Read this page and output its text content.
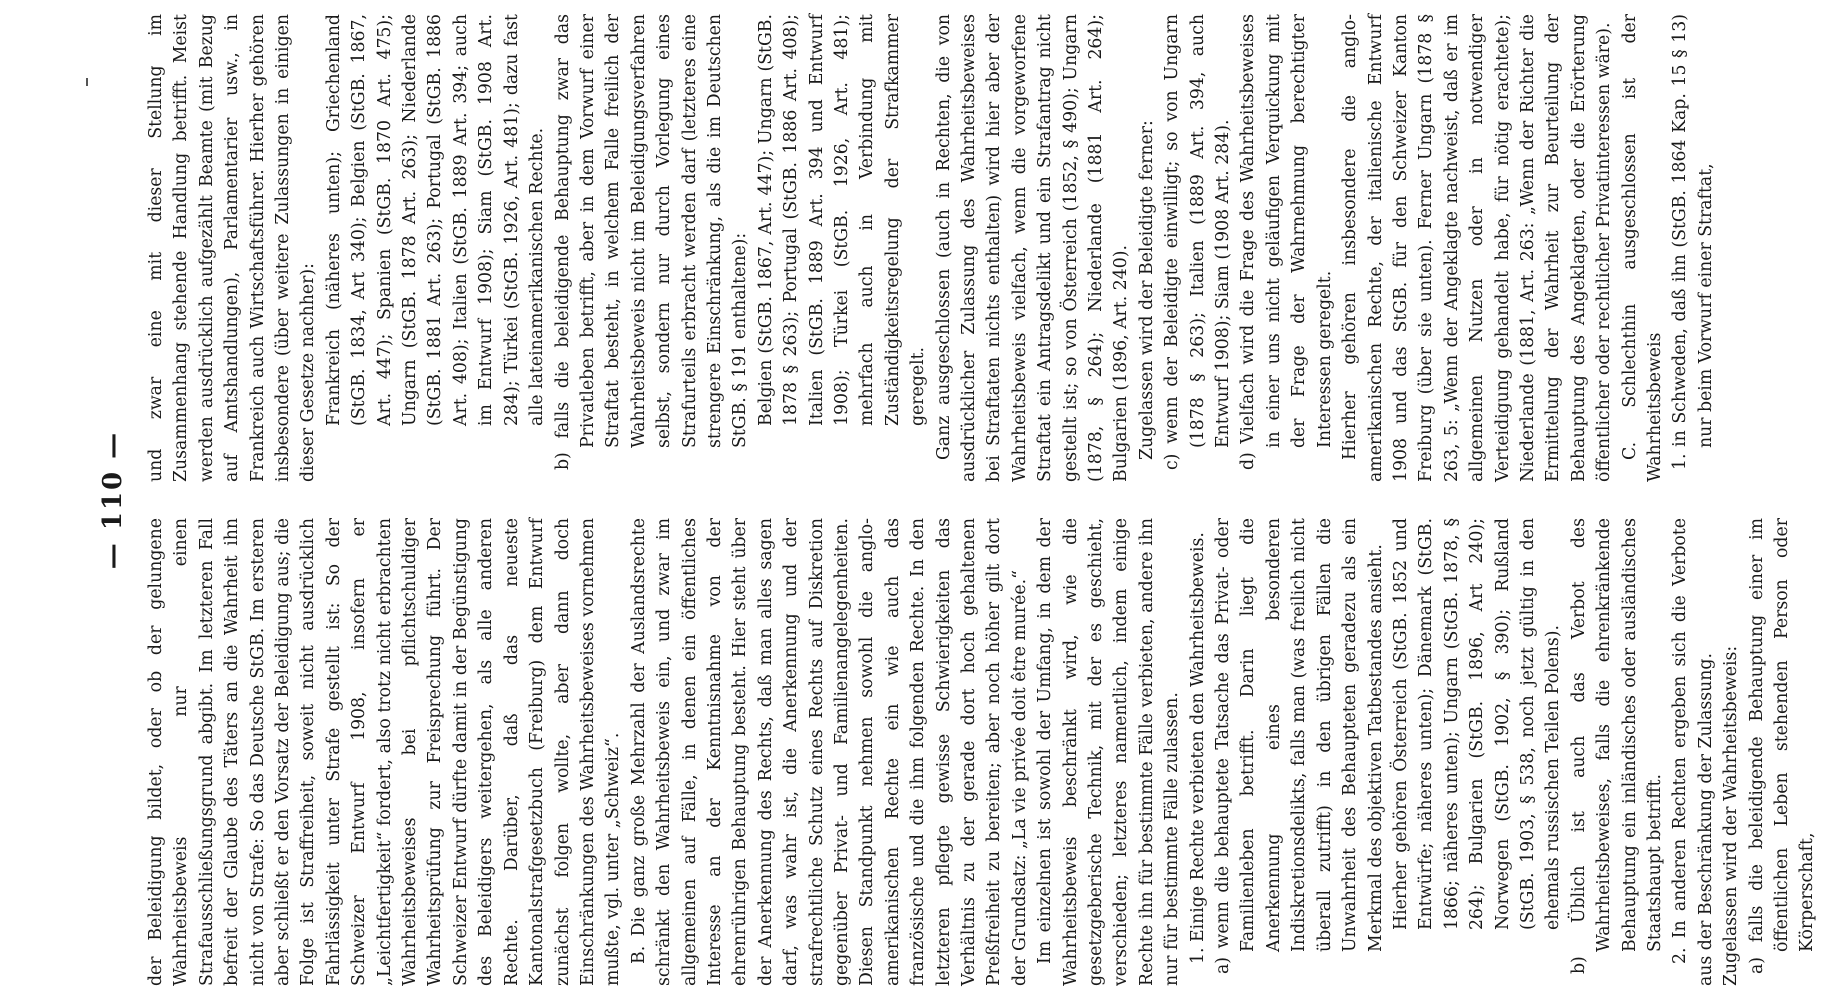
— 110 —

der Beleidigung bildet, oder ob der gelungene Wahrheitsbeweis nur einen Strafausschließungsgrund abgibt. Im letzteren Fall befreit der Glaube des Täters an die Wahrheit ihn nicht von Strafe: So das Deutsche StGB. Im ersteren aber schließt er den Vorsatz der Beleidigung aus; die Folge ist Straffreiheit, soweit nicht ausdrücklich Fahrlässigkeit unter Strafe gestellt ist: So der Schweizer Entwurf 1908, insofern er „Leichtfertigkeit“ fordert, also trotz nicht erbrachten Wahrheitsbeweises bei pflichtschuldiger Wahrheitsprüfung zur Freisprechung führt. Der Schweizer Entwurf dürfte damit in der Begünstigung des Beleidigers weitergehen, als alle anderen Rechte. Darüber, daß das neueste Kantonalstrafgesetzbuch (Freiburg) dem Entwurf zunächst folgen wollte, aber dann doch Einschränkungen des Wahrheitsbeweises vornehmen mußte, vgl. unter „Schweiz“. B. Die ganz große Mehrzahl der Auslandsrechte schränkt den Wahrheitsbeweis ein, und zwar im allgemeinen auf Fälle, in denen ein öffentliches Interesse an der Kenntnisnahme von der ehrenrührigen Behauptung besteht. Hier steht über der Anerkennung des Rechts, daß man alles sagen darf, was wahr ist, die Anerkennung und der strafrechtliche Schutz eines Rechts auf Diskretion gegenüber Privat- und Familienangelegenheiten. Diesen Standpunkt nehmen sowohl die anglo-amerikanischen Rechte ein wie auch das französische und die ihm folgenden Rechte. In den letzteren pflegte gewisse Schwierigkeiten das Verhältnis zu der gerade dort hoch gehaltenen Preßfreiheit zu bereiten; aber noch höher gilt dort der Grundsatz: „La vie privée doit être murée.“ Im einzelnen ist sowohl der Umfang, in dem der Wahrheitsbeweis beschränkt wird, wie die gesetzgeberische Technik, mit der es geschieht, verschieden; letzteres namentlich, indem einige Rechte ihn für bestimmte Fälle verbieten, andere ihn nur für bestimmte Fälle zulassen. 1. Einige Rechte verbieten den Wahrheitsbeweis. a) wenn die behauptete Tatsache das Privat- oder Familienleben betrifft. Darin liegt die Anerkennung eines besonderen Indiskretionsdelikts, falls man (was freilich nicht überall zutrifft) in den übrigen Fällen die Unwahrheit des Behaupteten geradezu als ein Merkmal des objektiven Tatbestandes ansieht. Hierher gehören Österreich (StGB. 1852 und Entwürfe; näheres unten); Dänemark (StGB. 1866; näheres unten); Ungarn (StGB. 1878, § 264); Bulgarien (StGB. 1896, Art 240); Norwegen (StGB. 1902, § 390); Rußland (StGB. 1903, § 538, noch jetzt gültig in den ehemals russischen Teilen Polens). b) Üblich ist auch das Verbot des Wahrheitsbeweises, falls die ehrenkränkende Behauptung ein inländisches oder ausländisches Staatshaupt betrifft. 2. In anderen Rechten ergeben sich die Verbote aus der Beschränkung der Zulassung. Zugelassen wird der Wahrheitsbeweis: a) falls die beleidigende Behauptung einer im öffentlichen Leben stehenden Person oder Körperschaft,

und zwar eine mit dieser Stellung im Zusammenhang stehende Handlung betrifft. Meist werden ausdrücklich aufgezählt Beamte (mit Bezug auf Amtshandlungen), Parlamentarier usw., in Frankreich auch Wirtschaftsführer. Hierher gehören insbesondere (über weitere Zulassungen in einigen dieser Gesetze nachher): Frankreich (näheres unten); Griechenland (StGB. 1834, Art 340); Belgien (StGB. 1867, Art. 447); Spanien (StGB. 1870 Art. 475); Ungarn (StGB. 1878 Art. 263); Niederlande (StGB. 1881 Art. 263); Portugal (StGB. 1886 Art. 408); Italien (StGB. 1889 Art. 394; auch im Entwurf 1908); Siam (StGB. 1908 Art. 284); Türkei (StGB. 1926, Art. 481); dazu fast alle lateinamerikanischen Rechte. b) falls die beleidigende Behauptung zwar das Privatleben betrifft, aber in dem Vorwurf einer Straftat besteht, in welchem Falle freilich der Wahrheitsbeweis nicht im Beleidigungsverfahren selbst, sondern nur durch Vorlegung eines Strafurteils erbracht werden darf (letzteres eine strengere Einschränkung, als die im Deutschen StGB. § 191 enthaltene): Belgien (StGB. 1867, Art. 447); Ungarn (StGB. 1878 § 263); Portugal (StGB. 1886 Art. 408); Italien (StGB. 1889 Art. 394 und Entwurf 1908); Türkei (StGB. 1926, Art. 481); mehrfach auch in Verbindung mit Zuständigkeitsregelung der Strafkammer geregelt. Ganz ausgeschlossen (auch in Rechten, die von ausdrücklicher Zulassung des Wahrheitsbeweises bei Straftaten nichts enthalten) wird hier aber der Wahrheitsbeweis vielfach, wenn die vorgeworfene Straftat ein Antragsdelikt und ein Strafantrag nicht gestellt ist; so von Österreich (1852, § 490); Ungarn (1878, § 264); Niederlande (1881 Art. 264); Bulgarien (1896, Art. 240). Zugelassen wird der Beleidigte ferner: c) wenn der Beleidigte einwilligt; so von Ungarn (1878 § 263); Italien (1889 Art. 394, auch Entwurf 1908); Siam (1908 Art. 284). d) Vielfach wird die Frage des Wahrheitsbeweises in einer uns nicht geläufigen Verquickung mit der Frage der Wahrnehmung berechtigter Interessen geregelt. Hierher gehören insbesondere die anglo-amerikanischen Rechte, der italienische Entwurf 1908 und das StGB. für den Schweizer Kanton Freiburg (über sie unten). Ferner Ungarn (1878 § 263, 5: „Wenn der Angeklagte nachweist, daß er im allgemeinen Nutzen oder in notwendiger Verteidigung gehandelt habe, für nötig erachtete); Niederlande (1881, Art. 263: „Wenn der Richter die Ermittelung der Wahrheit zur Beurteilung der Behauptung des Angeklagten, oder die Erörterung öffentlicher oder rechtlicher Privatinteressen wäre). C. Schlechthin ausgeschlossen ist der Wahrheitsbeweis 1. in Schweden, daß ihn (StGB. 1864 Kap. 15 § 13) nur beim Vorwurf einer Straftat,
